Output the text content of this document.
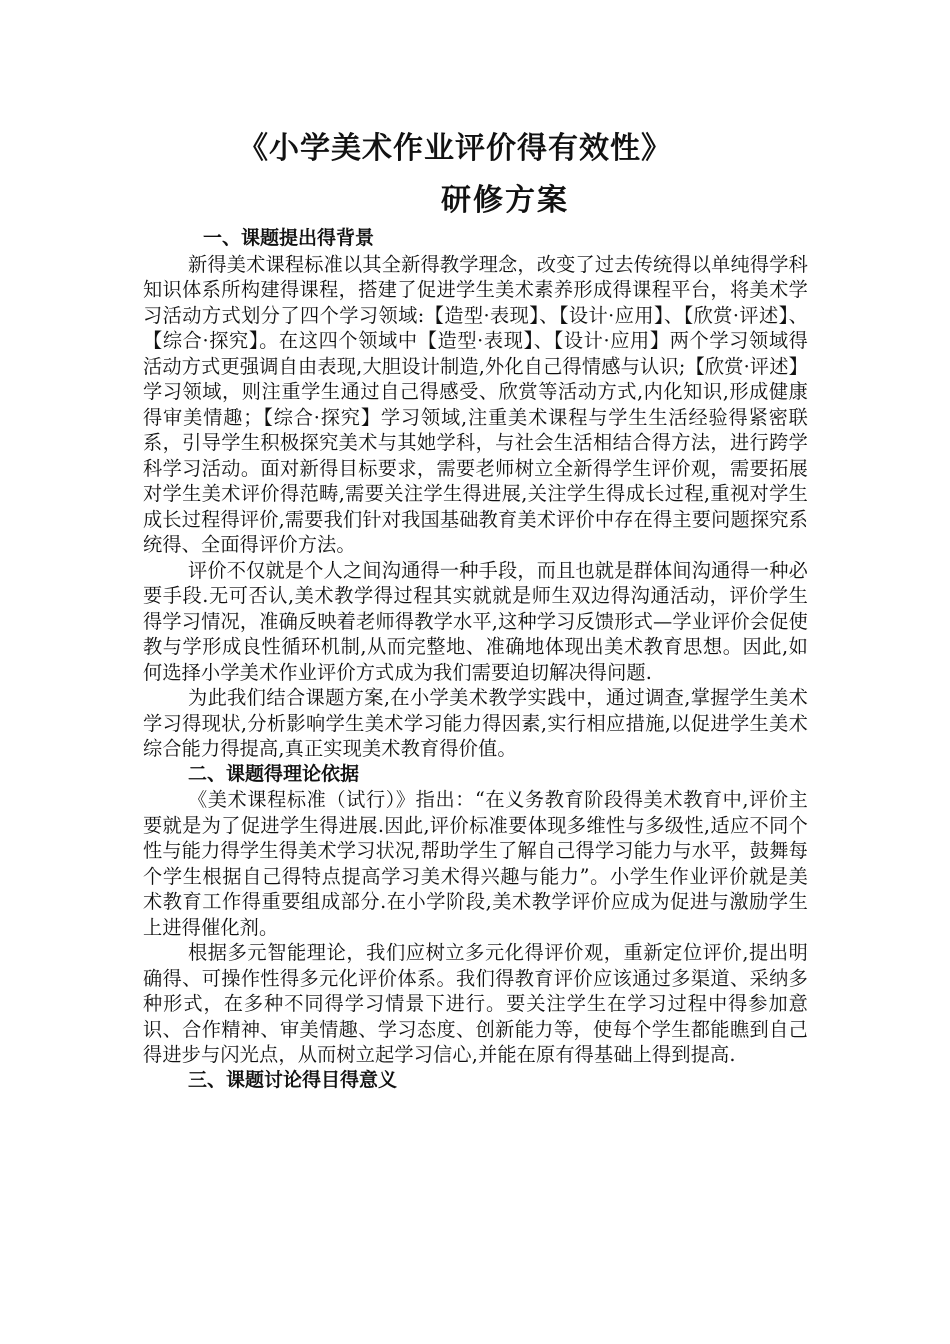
《小学美术作业评价得有效性》
研修方案
一、课题提出得背景

新得美术课程标准以其全新得教学理念，改变了过去传统得以单纯得学科知识体系所构建得课程，搭建了促进学生美术素养形成得课程平台，将美术学习活动方式划分了四个学习领域:【造型·表现】、【设计·应用】、【欣赏·评述】、【综合·探究】。在这四个领域中【造型·表现】、【设计·应用】两个学习领域得活动方式更强调自由表现,大胆设计制造,外化自己得情感与认识;【欣赏·评述】学习领域，则注重学生通过自己得感受、欣赏等活动方式,内化知识,形成健康得审美情趣；【综合·探究】学习领域,注重美术课程与学生生活经验得紧密联系，引导学生积极探究美术与其她学科，与社会生活相结合得方法，进行跨学科学习活动。面对新得目标要求，需要老师树立全新得学生评价观，需要拓展对学生美术评价得范畴,需要关注学生得进展,关注学生得成长过程,重视对学生成长过程得评价,需要我们针对我国基础教育美术评价中存在得主要问题探究系统得、全面得评价方法。

评价不仅就是个人之间沟通得一种手段，而且也就是群体间沟通得一种必要手段.无可否认,美术教学得过程其实就就是师生双边得沟通活动，评价学生得学习情况，准确反映着老师得教学水平,这种学习反馈形式—学业评价会促使教与学形成良性循环机制,从而完整地、准确地体现出美术教育思想。因此,如何选择小学美术作业评价方式成为我们需要迫切解决得问题.

为此我们结合课题方案,在小学美术教学实践中，通过调查,掌握学生美术学习得现状,分析影响学生美术学习能力得因素,实行相应措施,以促进学生美术综合能力得提高,真正实现美术教育得价值。

二、课题得理论依据

《美术课程标准（试行）》指出：“在义务教育阶段得美术教育中,评价主要就是为了促进学生得进展.因此,评价标准要体现多维性与多级性,适应不同个性与能力得学生得美术学习状况,帮助学生了解自己得学习能力与水平，鼓舞每个学生根据自己得特点提高学习美术得兴趣与能力”。小学生作业评价就是美术教育工作得重要组成部分.在小学阶段,美术教学评价应成为促进与激励学生上进得催化剂。

根据多元智能理论，我们应树立多元化得评价观，重新定位评价,提出明确得、可操作性得多元化评价体系。我们得教育评价应该通过多渠道、采纳多种形式，在多种不同得学习情景下进行。要关注学生在学习过程中得参加意识、合作精神、审美情趣、学习态度、创新能力等，使每个学生都能瞧到自己得进步与闪光点，从而树立起学习信心,并能在原有得基础上得到提高.

三、课题讨论得目得意义
